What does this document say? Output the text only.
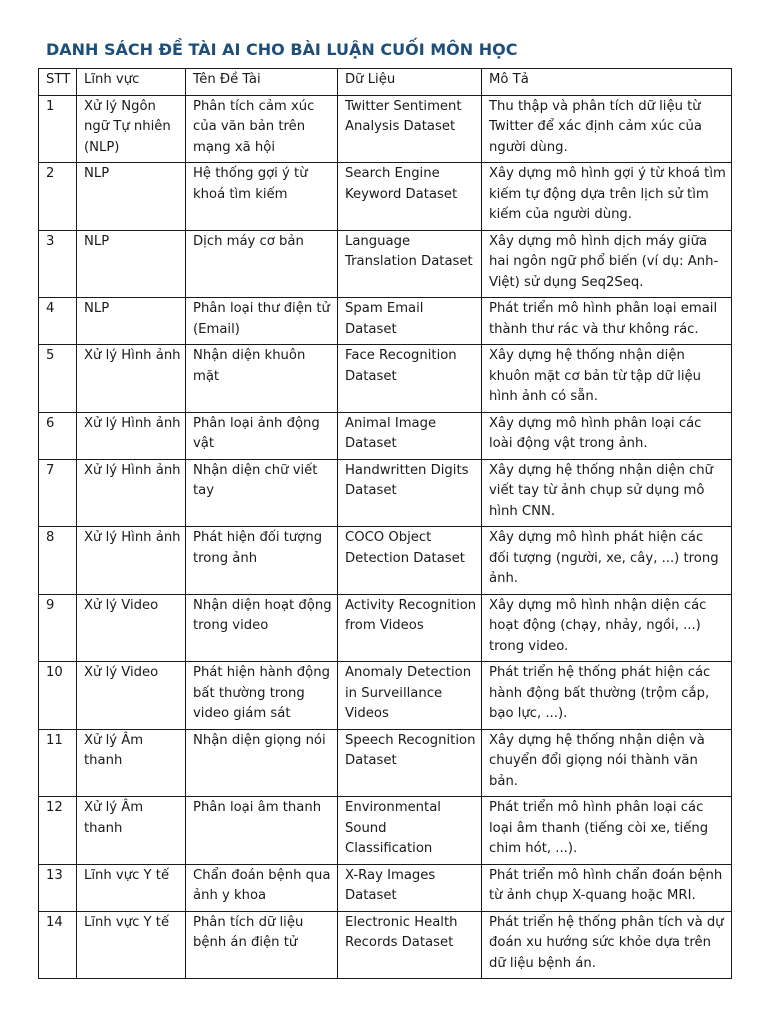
DANH SÁCH ĐỀ TÀI AI CHO BÀI LUẬN CUỐI MÔN HỌC
STT	Lĩnh vực	Tên Đề Tài	Dữ Liệu	Mô Tả
1	Xử lý Ngôn ngữ Tự nhiên (NLP)	Phân tích cảm xúc của văn bản trên mạng xã hội	Twitter Sentiment Analysis Dataset	Thu thập và phân tích dữ liệu từ Twitter để xác định cảm xúc của người dùng.
2	NLP	Hệ thống gợi ý từ khoá tìm kiếm	Search Engine Keyword Dataset	Xây dựng mô hình gợi ý từ khoá tìm kiếm tự động dựa trên lịch sử tìm kiếm của người dùng.
3	NLP	Dịch máy cơ bản	Language Translation Dataset	Xây dựng mô hình dịch máy giữa hai ngôn ngữ phổ biến (ví dụ: Anh-Việt) sử dụng Seq2Seq.
4	NLP	Phân loại thư điện tử (Email)	Spam Email Dataset	Phát triển mô hình phân loại email thành thư rác và thư không rác.
5	Xử lý Hình ảnh	Nhận diện khuôn mặt	Face Recognition Dataset	Xây dựng hệ thống nhận diện khuôn mặt cơ bản từ tập dữ liệu hình ảnh có sẵn.
6	Xử lý Hình ảnh	Phân loại ảnh động vật	Animal Image Dataset	Xây dựng mô hình phân loại các loài động vật trong ảnh.
7	Xử lý Hình ảnh	Nhận diện chữ viết tay	Handwritten Digits Dataset	Xây dựng hệ thống nhận diện chữ viết tay từ ảnh chụp sử dụng mô hình CNN.
8	Xử lý Hình ảnh	Phát hiện đối tượng trong ảnh	COCO Object Detection Dataset	Xây dựng mô hình phát hiện các đối tượng (người, xe, cây, ...) trong ảnh.
9	Xử lý Video	Nhận diện hoạt động trong video	Activity Recognition from Videos	Xây dựng mô hình nhận diện các hoạt động (chạy, nhảy, ngồi, ...) trong video.
10	Xử lý Video	Phát hiện hành động bất thường trong video giám sát	Anomaly Detection in Surveillance Videos	Phát triển hệ thống phát hiện các hành động bất thường (trộm cắp, bạo lực, ...).
11	Xử lý Âm thanh	Nhận diện giọng nói	Speech Recognition Dataset	Xây dựng hệ thống nhận diện và chuyển đổi giọng nói thành văn bản.
12	Xử lý Âm thanh	Phân loại âm thanh	Environmental Sound Classification	Phát triển mô hình phân loại các loại âm thanh (tiếng còi xe, tiếng chim hót, ...).
13	Lĩnh vực Y tế	Chẩn đoán bệnh qua ảnh y khoa	X-Ray Images Dataset	Phát triển mô hình chẩn đoán bệnh từ ảnh chụp X-quang hoặc MRI.
14	Lĩnh vực Y tế	Phân tích dữ liệu bệnh án điện tử	Electronic Health Records Dataset	Phát triển hệ thống phân tích và dự đoán xu hướng sức khỏe dựa trên dữ liệu bệnh án.
